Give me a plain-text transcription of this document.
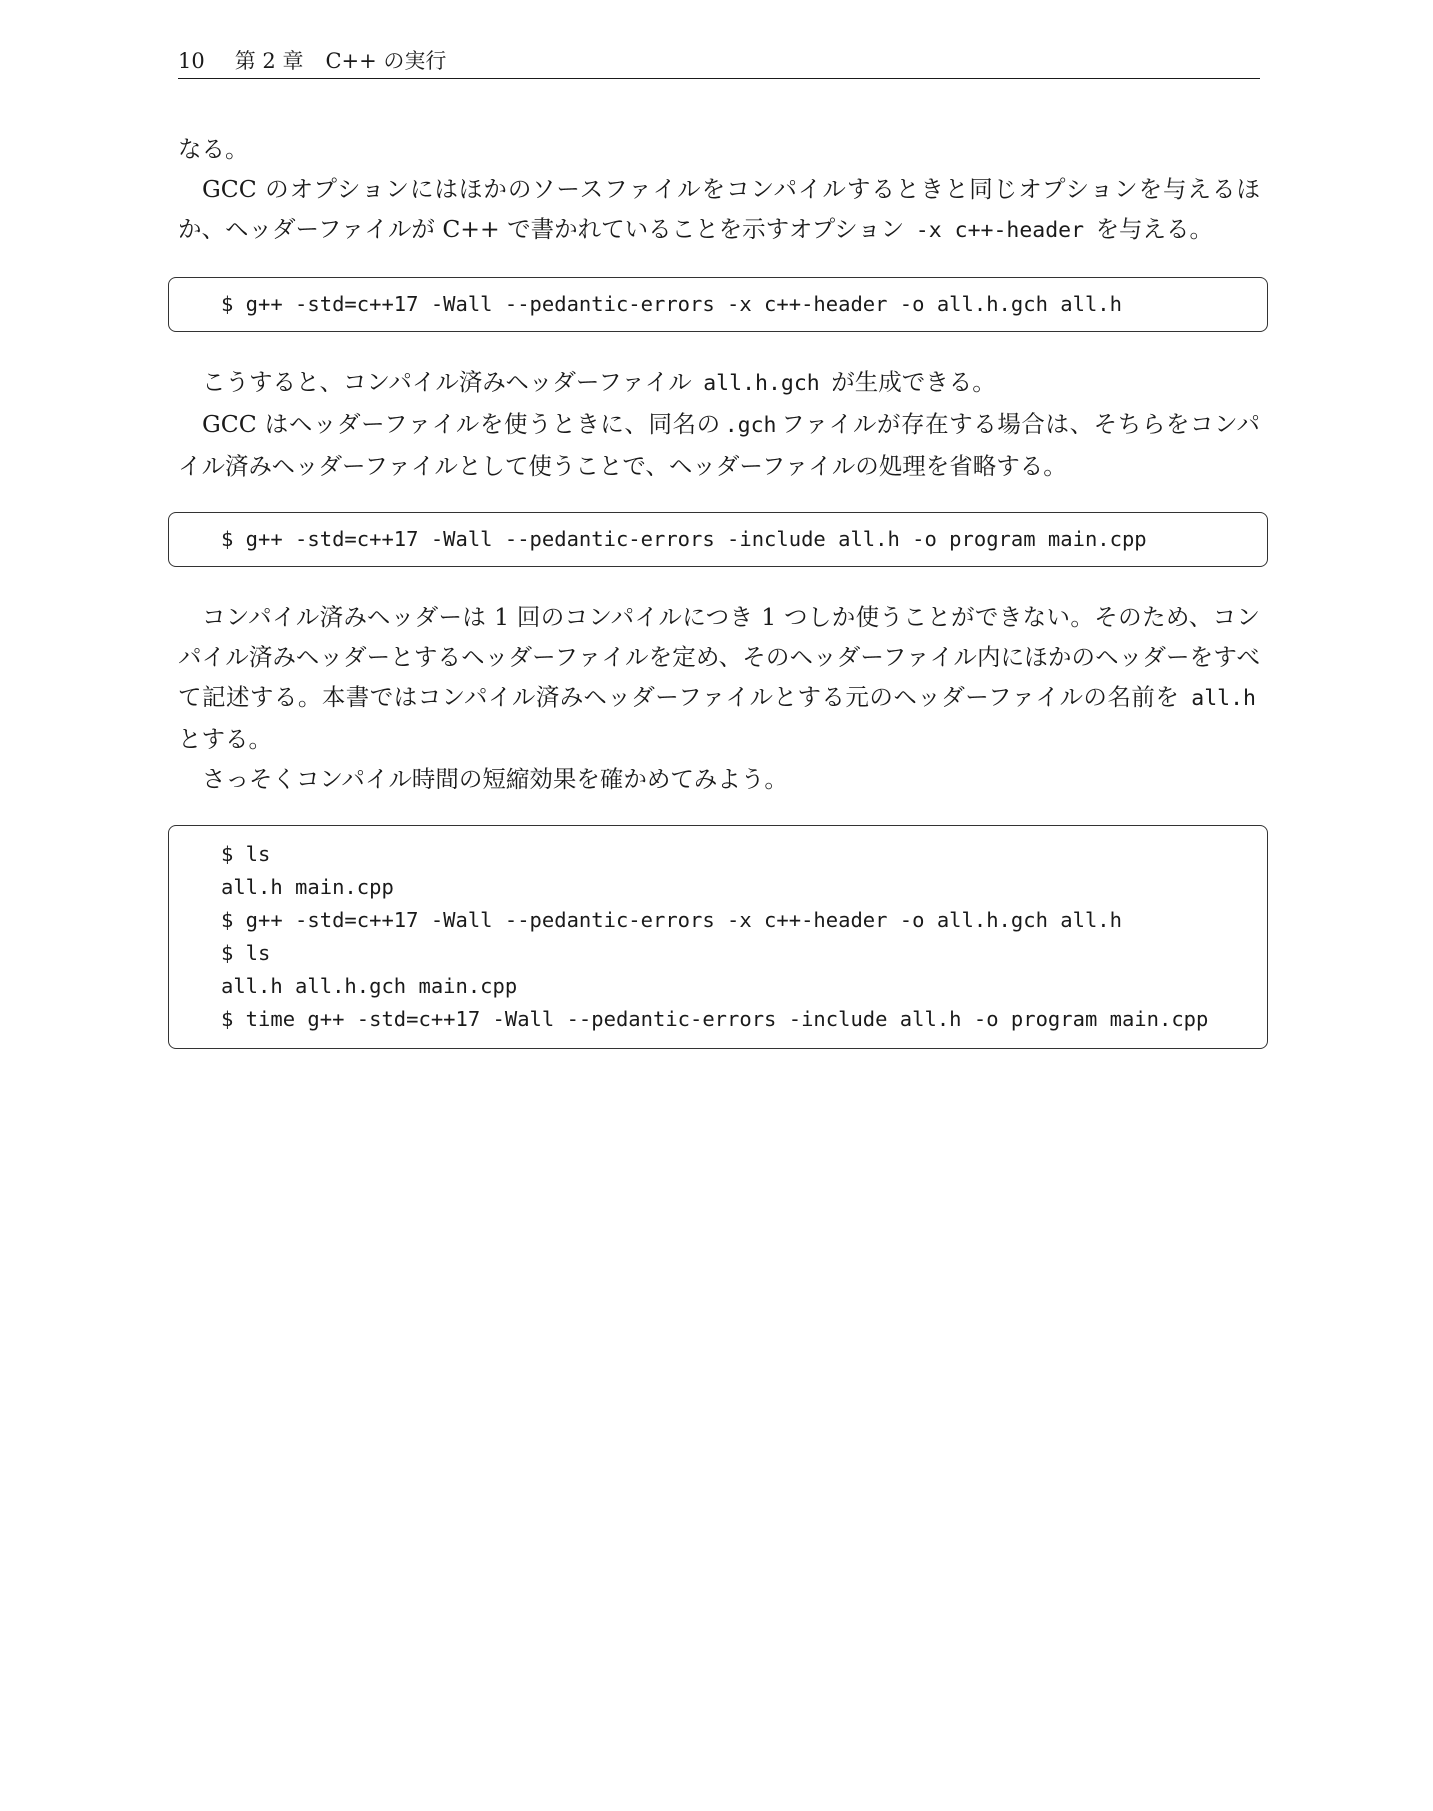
10 第 2 章 C++ の実行

なる。

GCC のオプションにはほかのソースファイルをコンパイルするときと同じオプションを与えるほか、ヘッダーファイルが C++ で書かれていることを示すオプション -x c++-header を与える。

$ g++ -std=c++17 -Wall --pedantic-errors -x c++-header -o all.h.gch all.h

こうすると、コンパイル済みヘッダーファイル all.h.gch が生成できる。

GCC はヘッダーファイルを使うときに、同名の .gch ファイルが存在する場合は、そちらをコンパイル済みヘッダーファイルとして使うことで、ヘッダーファイルの処理を省略する。

$ g++ -std=c++17 -Wall --pedantic-errors -include all.h -o program main.cpp

コンパイル済みヘッダーは 1 回のコンパイルにつき 1 つしか使うことができない。そのため、コンパイル済みヘッダーとするヘッダーファイルを定め、そのヘッダーファイル内にほかのヘッダーをすべて記述する。本書ではコンパイル済みヘッダーファイルとする元のヘッダーファイルの名前を all.h とする。

さっそくコンパイル時間の短縮効果を確かめてみよう。

$ ls
all.h main.cpp
$ g++ -std=c++17 -Wall --pedantic-errors -x c++-header -o all.h.gch all.h
$ ls
all.h all.h.gch main.cpp
$ time g++ -std=c++17 -Wall --pedantic-errors -include all.h -o program main.cpp
